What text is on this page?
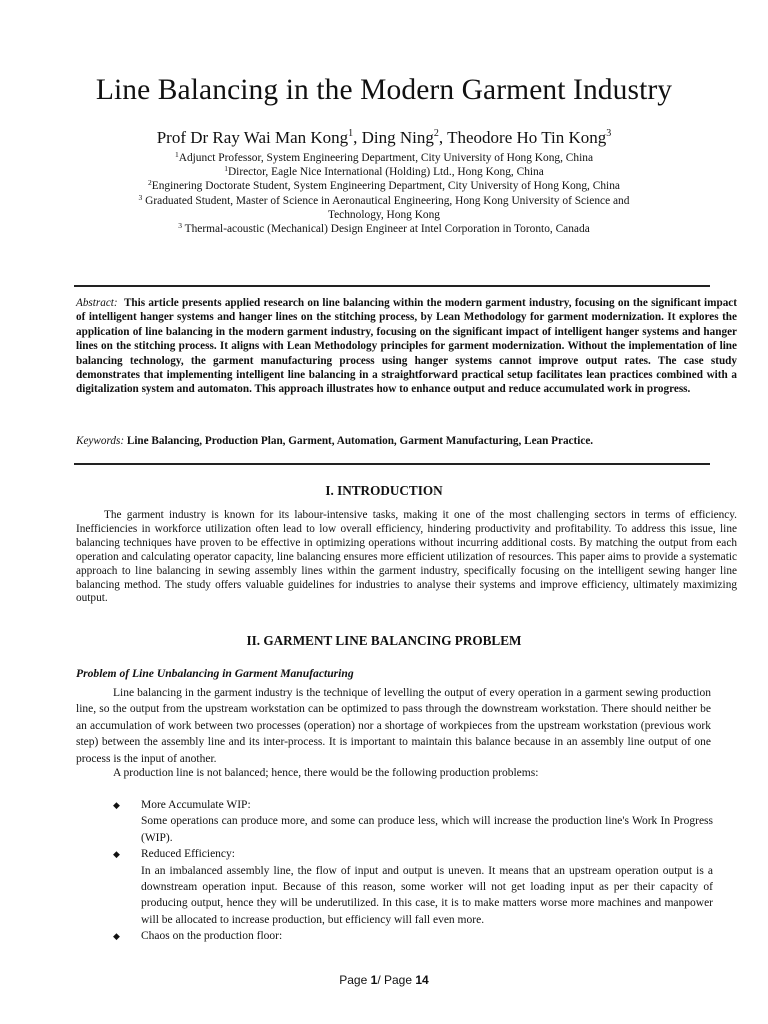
Line Balancing in the Modern Garment Industry
Prof Dr Ray Wai Man Kong$^1$, Ding Ning$^2$, Theodore Ho Tin Kong$^3$
$^1$Adjunct Professor, System Engineering Department, City University of Hong Kong, China
$^1$Director, Eagle Nice International (Holding) Ltd., Hong Kong, China
$^2$Enginering Doctorate Student, System Engineering Department, City University of Hong Kong, China
$^3$ Graduated Student, Master of Science in Aeronautical Engineering, Hong Kong University of Science and Technology, Hong Kong
$^3$ Thermal-acoustic (Mechanical) Design Engineer at Intel Corporation in Toronto, Canada

Abstract: This article presents applied research on line balancing within the modern garment industry, focusing on the significant impact of intelligent hanger systems and hanger lines on the stitching process, by Lean Methodology for garment modernization. It explores the application of line balancing in the modern garment industry, focusing on the significant impact of intelligent hanger systems and hanger lines on the stitching process. It aligns with Lean Methodology principles for garment modernization. Without the implementation of line balancing technology, the garment manufacturing process using hanger systems cannot improve output rates. The case study demonstrates that implementing intelligent line balancing in a straightforward practical setup facilitates lean practices combined with a digitalization system and automaton. This approach illustrates how to enhance output and reduce accumulated work in progress.

Keywords: Line Balancing, Production Plan, Garment, Automation, Garment Manufacturing, Lean Practice.

I. INTRODUCTION

The garment industry is known for its labour-intensive tasks, making it one of the most challenging sectors in terms of efficiency. Inefficiencies in workforce utilization often lead to low overall efficiency, hindering productivity and profitability. To address this issue, line balancing techniques have proven to be effective in optimizing operations without incurring additional costs. By matching the output from each operation and calculating operator capacity, line balancing ensures more efficient utilization of resources. This paper aims to provide a systematic approach to line balancing in sewing assembly lines within the garment industry, specifically focusing on the intelligent sewing hanger line balancing method. The study offers valuable guidelines for industries to analyse their systems and improve efficiency, ultimately maximizing output.

II. GARMENT LINE BALANCING PROBLEM

Problem of Line Unbalancing in Garment Manufacturing

Line balancing in the garment industry is the technique of levelling the output of every operation in a garment sewing production line, so the output from the upstream workstation can be optimized to pass through the downstream workstation. There should neither be an accumulation of work between two processes (operation) nor a shortage of workpieces from the upstream workstation (previous work step) between the assembly line and its inter-process. It is important to maintain this balance because in an assembly line output of one process is the input of another.

A production line is not balanced; hence, there would be the following production problems:

◆ More Accumulate WIP:
Some operations can produce more, and some can produce less, which will increase the production line's Work In Progress (WIP).
◆ Reduced Efficiency:
In an imbalanced assembly line, the flow of input and output is uneven. It means that an upstream operation output is a downstream operation input. Because of this reason, some worker will not get loading input as per their capacity of producing output, hence they will be underutilized. In this case, it is to make matters worse more machines and manpower will be allocated to increase production, but efficiency will fall even more.
◆ Chaos on the production floor:
Page 1/ Page 14
